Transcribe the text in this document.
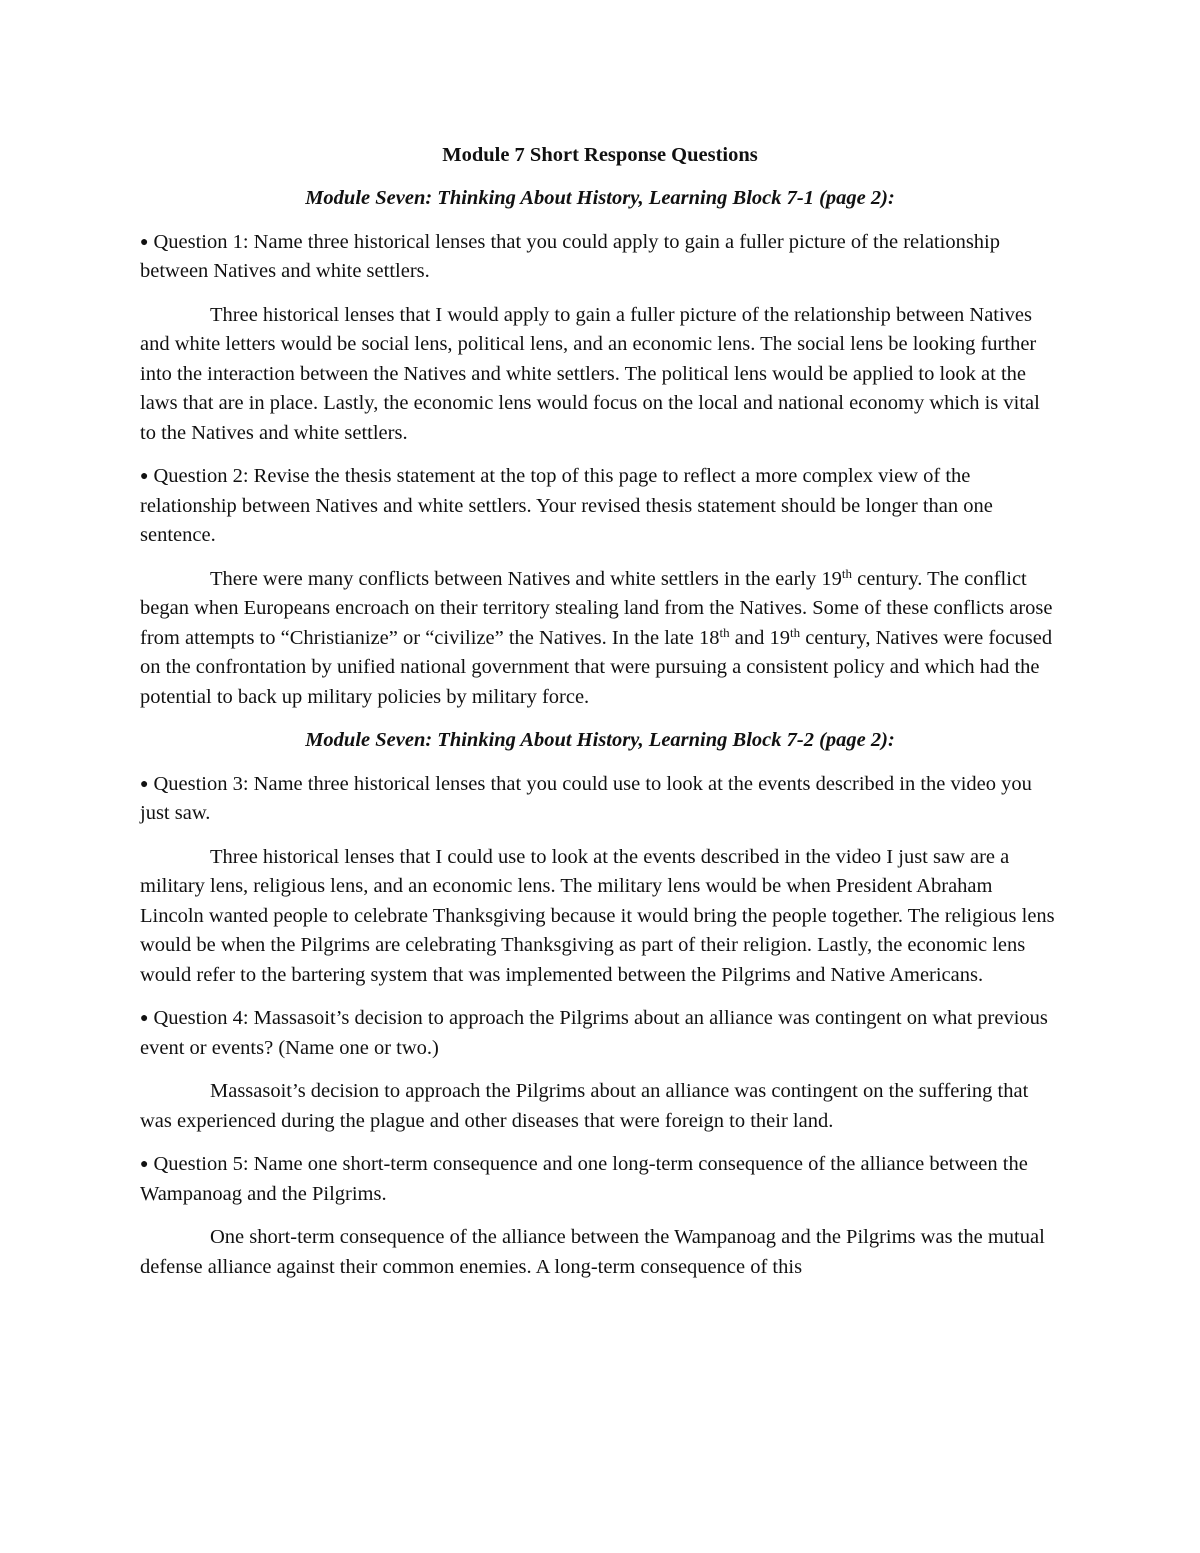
Module 7 Short Response Questions

Module Seven: Thinking About History, Learning Block 7-1 (page 2):

● Question 1: Name three historical lenses that you could apply to gain a fuller picture of the relationship between Natives and white settlers.

Three historical lenses that I would apply to gain a fuller picture of the relationship between Natives and white letters would be social lens, political lens, and an economic lens. The social lens be looking further into the interaction between the Natives and white settlers. The political lens would be applied to look at the laws that are in place. Lastly, the economic lens would focus on the local and national economy which is vital to the Natives and white settlers.

● Question 2: Revise the thesis statement at the top of this page to reflect a more complex view of the relationship between Natives and white settlers. Your revised thesis statement should be longer than one sentence.

There were many conflicts between Natives and white settlers in the early 19th century. The conflict began when Europeans encroach on their territory stealing land from the Natives. Some of these conflicts arose from attempts to “Christianize” or “civilize” the Natives. In the late 18th and 19th century, Natives were focused on the confrontation by unified national government that were pursuing a consistent policy and which had the potential to back up military policies by military force.

Module Seven: Thinking About History, Learning Block 7-2 (page 2):

● Question 3: Name three historical lenses that you could use to look at the events described in the video you just saw.

Three historical lenses that I could use to look at the events described in the video I just saw are a military lens, religious lens, and an economic lens. The military lens would be when President Abraham Lincoln wanted people to celebrate Thanksgiving because it would bring the people together. The religious lens would be when the Pilgrims are celebrating Thanksgiving as part of their religion. Lastly, the economic lens would refer to the bartering system that was implemented between the Pilgrims and Native Americans.

● Question 4: Massasoit’s decision to approach the Pilgrims about an alliance was contingent on what previous event or events? (Name one or two.)

Massasoit’s decision to approach the Pilgrims about an alliance was contingent on the suffering that was experienced during the plague and other diseases that were foreign to their land.

● Question 5: Name one short-term consequence and one long-term consequence of the alliance between the Wampanoag and the Pilgrims.

One short-term consequence of the alliance between the Wampanoag and the Pilgrims was the mutual defense alliance against their common enemies. A long-term consequence of this
